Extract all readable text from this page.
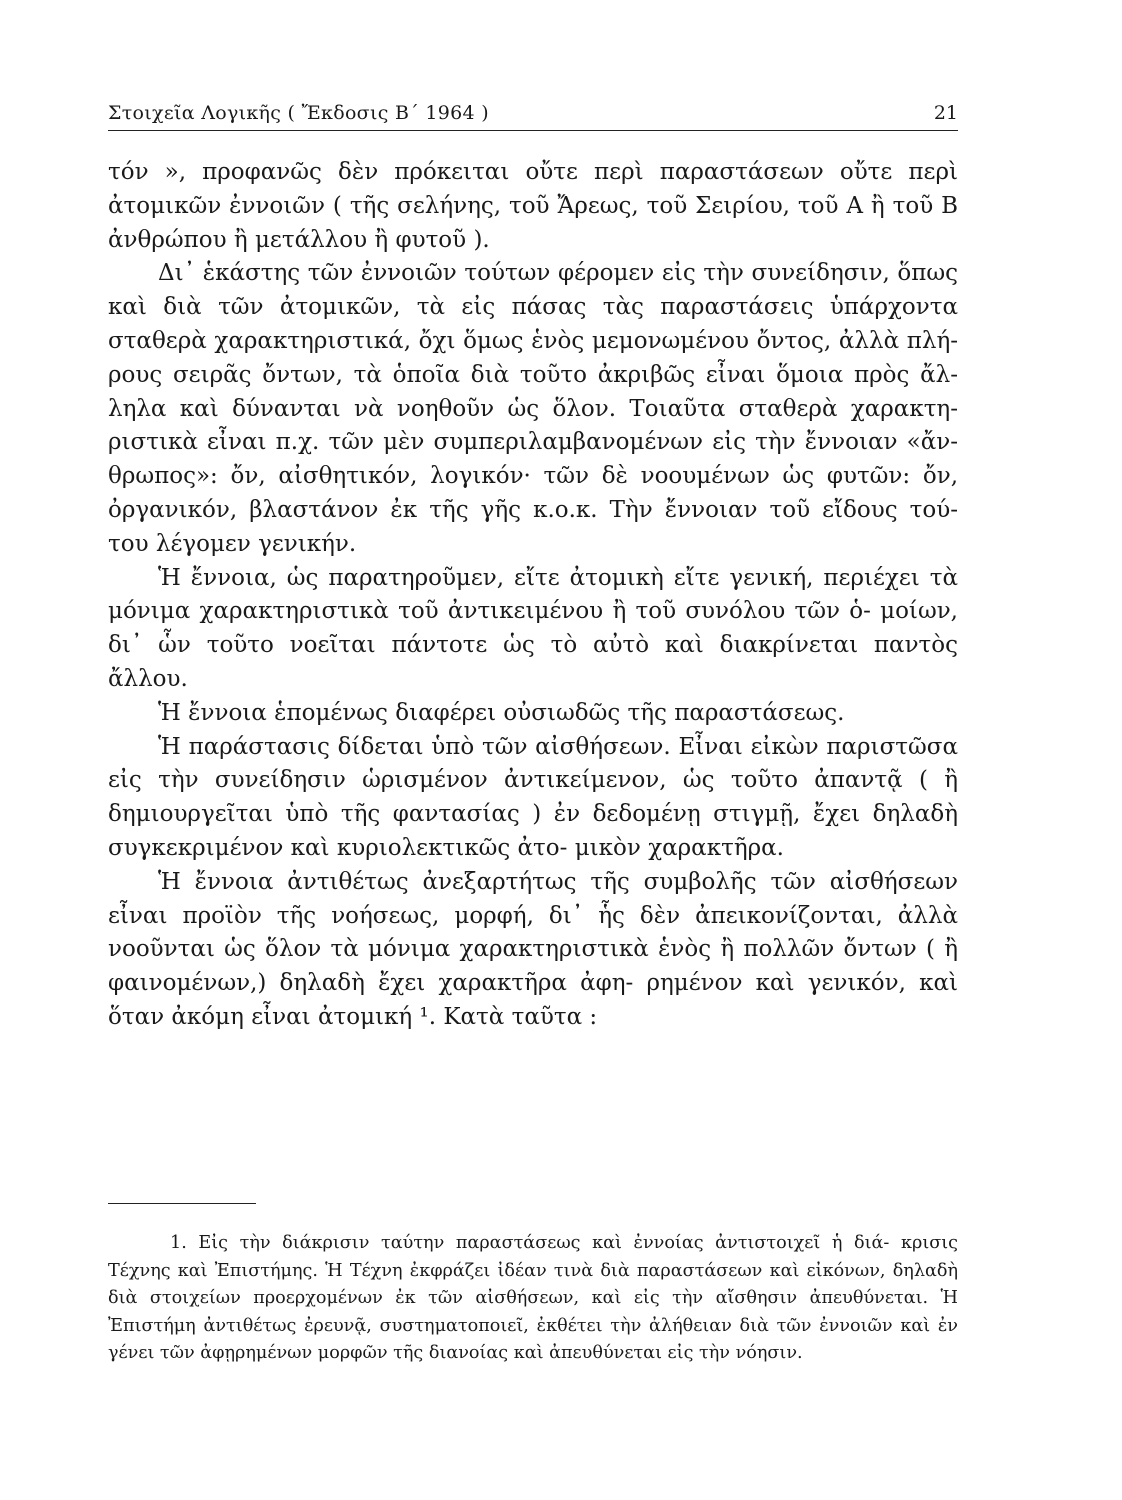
Στοιχεῖα Λογικῆς ( Ἔκδοσις Β΄ 1964 )	21

τόν », προφανῶς δὲν πρόκειται οὔτε περὶ παραστάσεων οὔτε περὶ ἀτομικῶν ἐννοιῶν ( τῆς σελήνης, τοῦ Ἄρεως, τοῦ Σειρίου, τοῦ Α ἢ τοῦ Β ἀνθρώπου ἢ μετάλλου ἢ φυτοῦ ).

Δι᾽ ἑκάστης τῶν ἐννοιῶν τούτων φέρομεν εἰς τὴν συνείδησιν, ὅπως καὶ διὰ τῶν ἀτομικῶν, τὰ εἰς πάσας τὰς παραστάσεις ὑπάρχοντα σταθερὰ χαρακτηριστικά, ὄχι ὅμως ἑνὸς μεμονωμένου ὄντος, ἀλλὰ πλή- ρους σειρᾶς ὄντων, τὰ ὁποῖα διὰ τοῦτο ἀκριβῶς εἶναι ὅμοια πρὸς ἄλ- ληλα καὶ δύνανται νὰ νοηθοῦν ὡς ὅλον. Τοιαῦτα σταθερὰ χαρακτη- ριστικὰ εἶναι π.χ. τῶν μὲν συμπεριλαμβανομένων εἰς τὴν ἔννοιαν «ἄν- θρωπος»: ὄν, αἰσθητικόν, λογικόν· τῶν δὲ νοουμένων ὡς φυτῶν: ὄν, ὀργανικόν, βλαστάνον ἐκ τῆς γῆς κ.ο.κ. Τὴν ἔννοιαν τοῦ εἴδους τού- του λέγομεν γενικήν.

Ἡ ἔννοια, ὡς παρατηροῦμεν, εἴτε ἀτομικὴ εἴτε γενική, περιέχει τὰ μόνιμα χαρακτηριστικὰ τοῦ ἀντικειμένου ἢ τοῦ συνόλου τῶν ὁ- μοίων, δι᾽ ὧν τοῦτο νοεῖται πάντοτε ὡς τὸ αὐτὸ καὶ διακρίνεται παντὸς ἄλλου.

Ἡ ἔννοια ἑπομένως διαφέρει οὐσιωδῶς τῆς παραστάσεως.

Ἡ παράστασις δίδεται ὑπὸ τῶν αἰσθήσεων. Εἶναι εἰκὼν παριστῶσα εἰς τὴν συνείδησιν ὡρισμένον ἀντικείμενον, ὡς τοῦτο ἀπαντᾷ ( ἢ δημιουργεῖται ὑπὸ τῆς φαντασίας ) ἐν δεδομένῃ στιγμῇ, ἔχει δηλαδὴ συγκεκριμένον καὶ κυριολεκτικῶς ἀτο- μικὸν χαρακτῆρα.

Ἡ ἔννοια ἀντιθέτως ἀνεξαρτήτως τῆς συμβολῆς τῶν αἰσθήσεων εἶναι προϊὸν τῆς νοήσεως, μορφή, δι᾽ ἧς δὲν ἀπεικονίζονται, ἀλλὰ νοοῦνται ὡς ὅλον τὰ μόνιμα χαρακτηριστικὰ ἑνὸς ἢ πολλῶν ὄντων ( ἢ φαινομένων,) δηλαδὴ ἔχει χαρακτῆρα ἀφη- ρημένον καὶ γενικόν, καὶ ὅταν ἀκόμη εἶναι ἀτομική ¹. Κατὰ ταῦτα :

1. Εἰς τὴν διάκρισιν ταύτην παραστάσεως καὶ ἐννοίας ἀντιστοιχεῖ ἡ διά- κρισις Τέχνης καὶ Ἐπιστήμης. Ἡ Τέχνη ἐκφράζει ἰδέαν τινὰ διὰ παραστάσεων καὶ εἰκόνων, δηλαδὴ διὰ στοιχείων προερχομένων ἐκ τῶν αἰσθήσεων, καὶ εἰς τὴν αἴσθησιν ἀπευθύνεται. Ἡ Ἐπιστήμη ἀντιθέτως ἐρευνᾷ, συστηματοποιεῖ, ἐκθέτει τὴν ἀλήθειαν διὰ τῶν ἐννοιῶν καὶ ἐν γένει τῶν ἀφῃρημένων μορφῶν τῆς διανοίας καὶ ἀπευθύνεται εἰς τὴν νόησιν.
